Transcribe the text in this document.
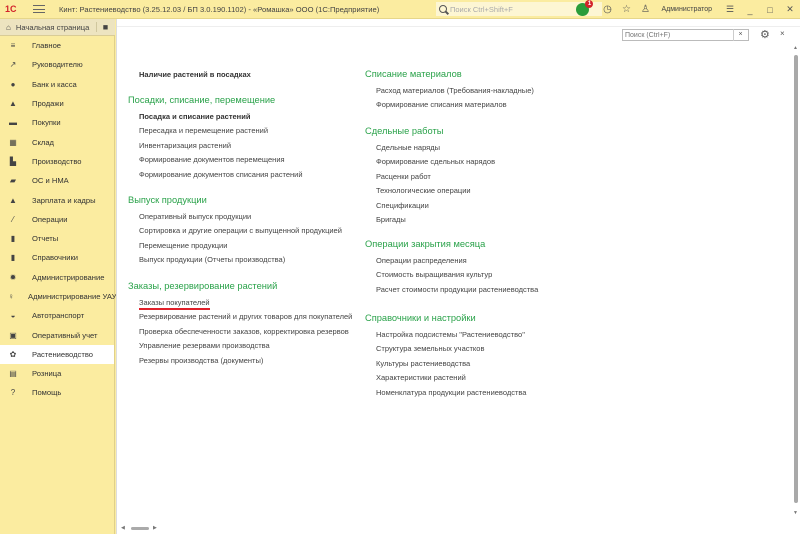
1С	Кинт: Растениеводство (3.25.12.03 / БП 3.0.190.1102) - «Ромашка» ООО (1С:Предприятие)	Поиск Ctrl+Shift+F
1	◷	☆	♙	Администратор	☰	_	□	✕
⌂ Начальная страница	■
≡	Главное
↗ Руководителю
●	Банк и касса
▲ Продажи
▬ Покупки
▦ Склад
▙ Производство
▰ ОС и НМА
▲ Зарплата и кадры
⁄	Операции
▮	Отчеты
▮	Справочники
✹ Администрирование
♀ Администрирование УАУ
◒	Автотранспорт
▣ Оперативный учет
✿ Растениеводство
▤ Розница
?	Помощь
Поиск (Ctrl+F)
×	⚙ ×
Наличие растений в посадках
Посадки, списание, перемещение
Посадка и списание растений
Пересадка и перемещение растений
Инвентаризация растений
Формирование документов перемещения
Формирование документов списания растений
Выпуск продукции
Оперативный выпуск продукции
Сортировка и другие операции с выпущенной продукцией
Перемещение продукции
Выпуск продукции (Отчеты производства)
Заказы, резервирование растений
Заказы покупателей
Резервирование растений и других товаров для покупателей
Проверка обеспеченности заказов, корректировка резервов
Управление резервами производства
Резервы производства (документы)
Списание материалов
Расход материалов (Требования-накладные)
Формирование списания материалов
Сдельные работы
Сдельные наряды
Формирование сдельных нарядов
Расценки работ
Технологические операции
Спецификации
Бригады
Операции закрытия месяца
Операции распределения
Стоимость выращивания культур
Расчет стоимости продукции растениеводства
Справочники и настройки
Настройка подсистемы "Растениеводство"
Структура земельных участков
Культуры растениеводства
Характеристики растений
Номенклатура продукции растениеводства
▲
▼
◀	▶
